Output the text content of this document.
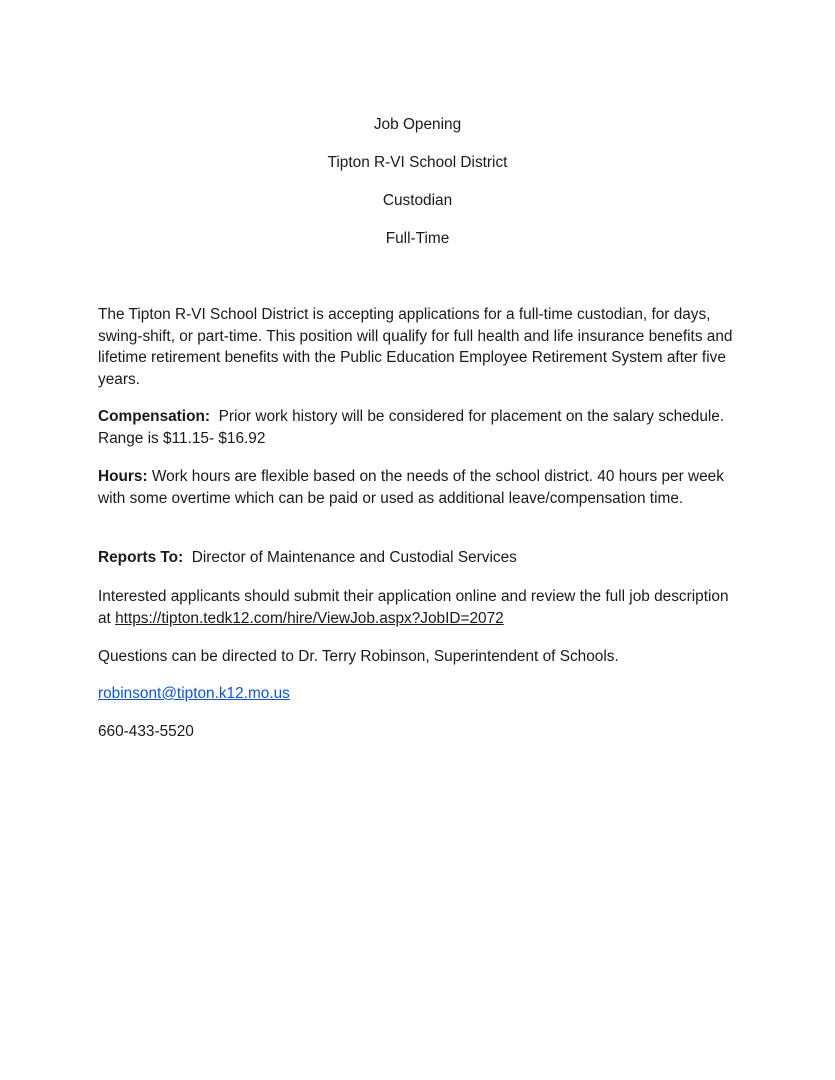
Job Opening

Tipton R-VI School District

Custodian

Full-Time

The Tipton R-VI School District is accepting applications for a full-time custodian, for days, swing-shift, or part-time. This position will qualify for full health and life insurance benefits and lifetime retirement benefits with the Public Education Employee Retirement System after five years.

Compensation:  Prior work history will be considered for placement on the salary schedule. Range is $11.15- $16.92

Hours: Work hours are flexible based on the needs of the school district. 40 hours per week with some overtime which can be paid or used as additional leave/compensation time.

Reports To:  Director of Maintenance and Custodial Services

Interested applicants should submit their application online and review the full job description at https://tipton.tedk12.com/hire/ViewJob.aspx?JobID=2072

Questions can be directed to Dr. Terry Robinson, Superintendent of Schools.

robinsont@tipton.k12.mo.us

660-433-5520
